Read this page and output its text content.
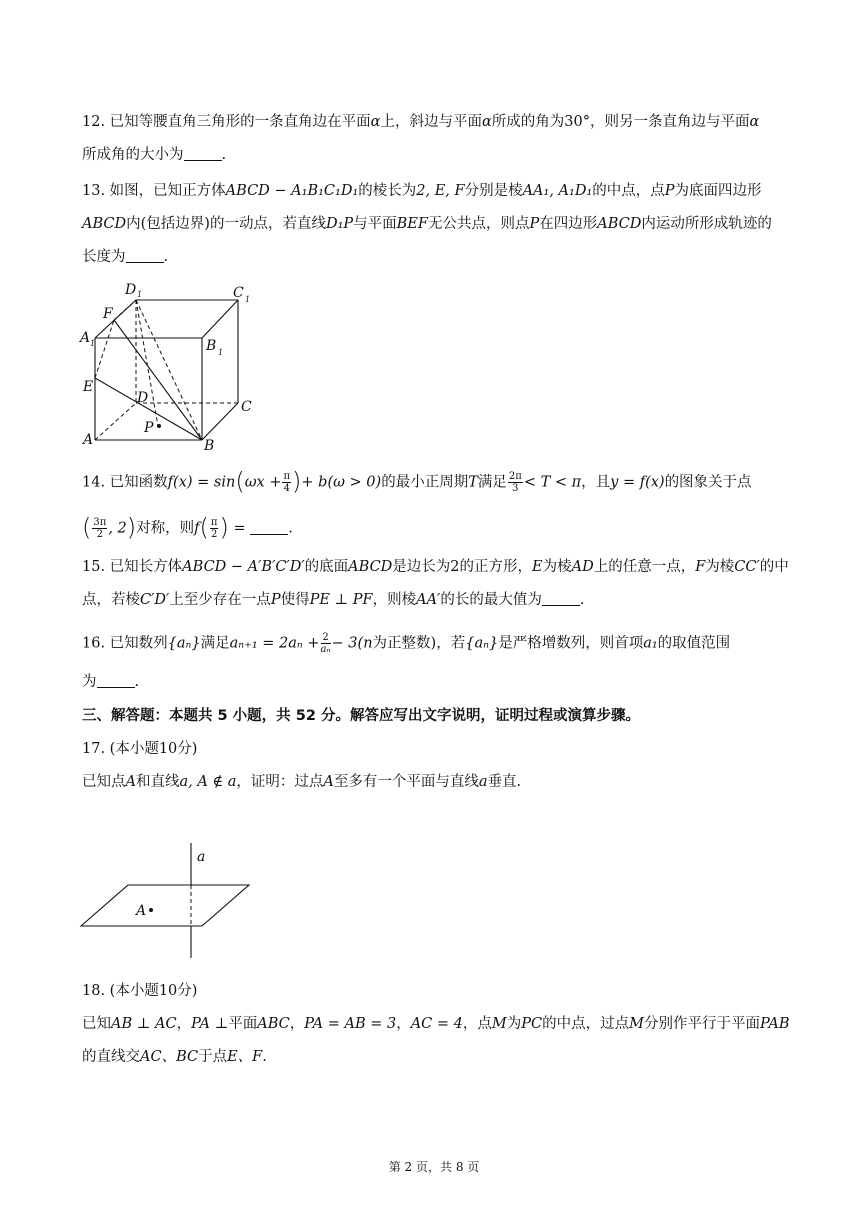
12. 已知等腰直角三角形的一条直角边在平面α上，斜边与平面α所成的角为30°，则另一条直角边与平面α
所成角的大小为	.
13. 如图，已知正方体ABCD − A₁B₁C₁D₁的棱长为2, E, F分别是棱AA₁, A₁D₁的中点，点P为底面四边形
ABCD内(包括边界)的一动点，若直线D₁P与平面BEF无公共点，则点P在四边形ABCD内运动所形成轨迹的
长度为	.
D 1	C 1
A 1	B 1
F
E
D
C
A	B
P
14. 已知函数$f(x) = \sin(\omega x + \frac{\pi}{4}$ )+ b(ω > 0)的最小正周期T满足 $\frac{2\pi}{3} < T < \pi$，且y = f(x)的图象关于点
( $\frac{3\pi}{2}$ , 2)对称，则$f( \frac{\pi}{2}$ ) =	.
15. 已知长方体ABCD − A′B′C′D′的底面ABCD是边长为2的正方形，E为棱AD上的任意一点，F为棱CC′的中
点，若棱C′D′上至少存在一点P使得PE ⊥ PF，则棱AA′的长的最大值为	.
16. 已知数列{aₙ}满足$a_{n+1} = 2a_n + \frac{2}{\text{aₙ}} - 3(n$为正整数)，若{aₙ}是严格增数列，则首项a₁的取值范围
为	.
三、解答题：本题共 5 小题，共 52 分。解答应写出文字说明，证明过程或演算步骤。
17. (本小题10分)
已知点A和直线a, A ∉ a，证明：过点A至多有一个平面与直线a垂直.
a
A
18. (本小题10分)
已知AB ⊥ AC，PA ⊥平面ABC，PA = AB = 3，AC = 4，点M为PC的中点，过点M分别作平行于平面PAB
的直线交AC、BC于点E、F.
第 2 页，共 8 页
